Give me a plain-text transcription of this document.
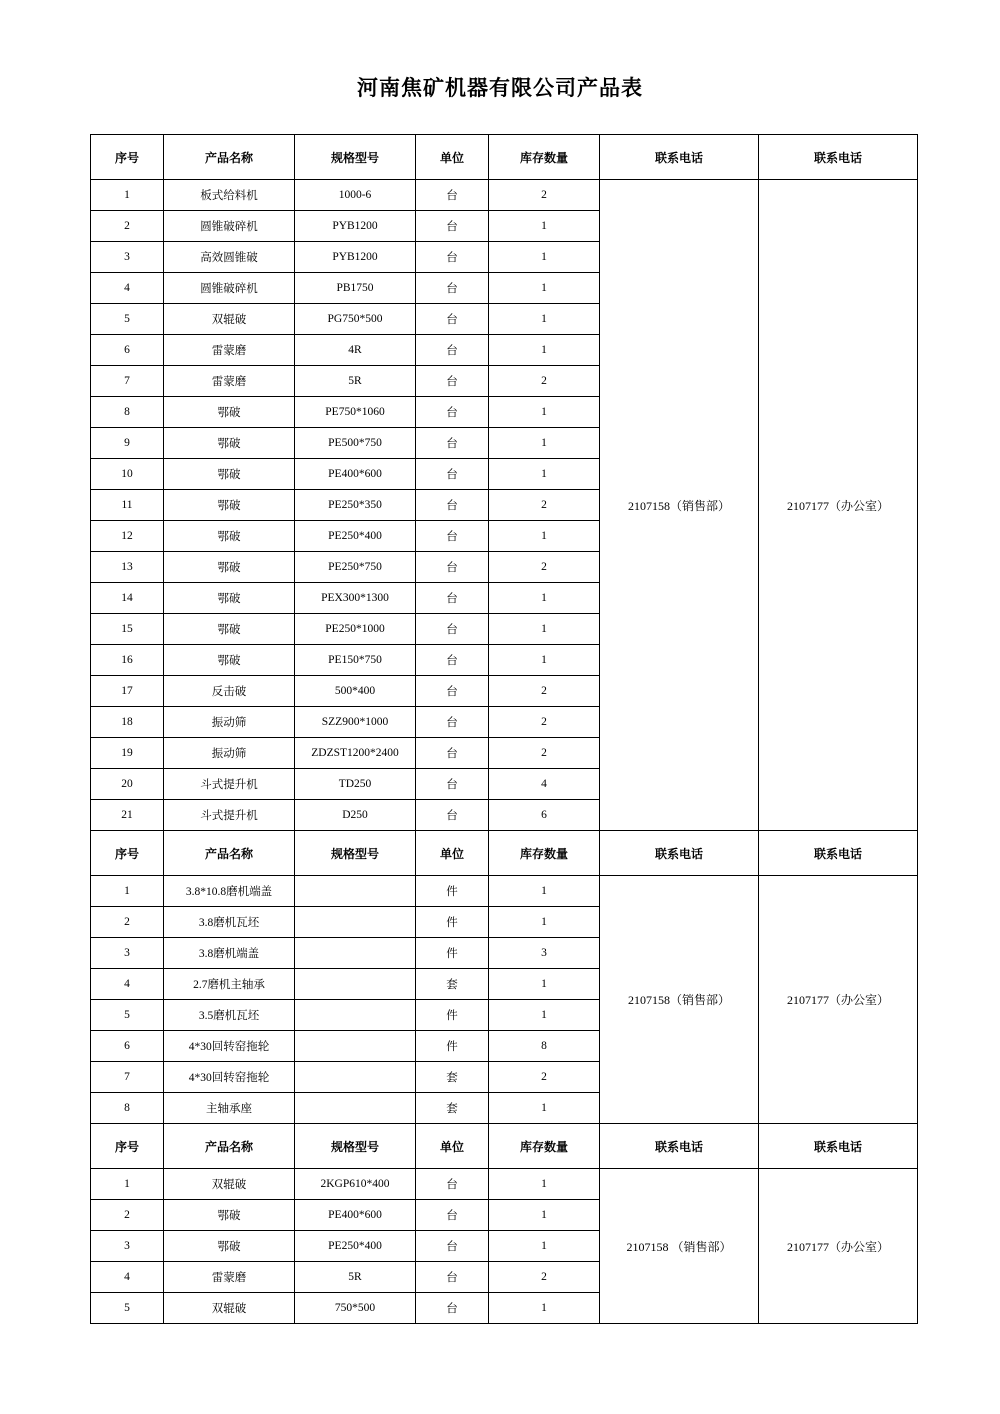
河南焦矿机器有限公司产品表
序号	产品名称	规格型号	单位	库存数量	联系电话	联系电话
1	板式给料机	1000-6	台	2	2107158（销售部）	2107177（办公室）
2	圆锥破碎机	PYB1200	台	1		
3	高效圆锥破	PYB1200	台	1		
4	圆锥破碎机	PB1750	台	1		
5	双辊破	PG750*500	台	1		
6	雷蒙磨	4R	台	1		
7	雷蒙磨	5R	台	2		
8	鄂破	PE750*1060	台	1		
9	鄂破	PE500*750	台	1		
10	鄂破	PE400*600	台	1		
11	鄂破	PE250*350	台	2		
12	鄂破	PE250*400	台	1		
13	鄂破	PE250*750	台	2		
14	鄂破	PEX300*1300	台	1		
15	鄂破	PE250*1000	台	1		
16	鄂破	PE150*750	台	1		
17	反击破	500*400	台	2		
18	振动筛	SZZ900*1000	台	2		
19	振动筛	ZDZST1200*2400	台	2		
20	斗式提升机	TD250	台	4		
21	斗式提升机	D250	台	6		
序号	产品名称	规格型号	单位	库存数量	联系电话	联系电话
1	3.8*10.8磨机端盖		件	1	2107158（销售部）	2107177（办公室）
2	3.8磨机瓦坯		件	1		
3	3.8磨机端盖		件	3		
4	2.7磨机主轴承		套	1		
5	3.5磨机瓦坯		件	1		
6	4*30回转窑拖轮		件	8		
7	4*30回转窑拖轮		套	2		
8	主轴承座		套	1		
序号	产品名称	规格型号	单位	库存数量	联系电话	联系电话
1	双辊破	2KGP610*400	台	1	2107158 （销售部）	2107177（办公室）
2	鄂破	PE400*600	台	1		
3	鄂破	PE250*400	台	1		
4	雷蒙磨	5R	台	2		
5	双辊破	750*500	台	1		
